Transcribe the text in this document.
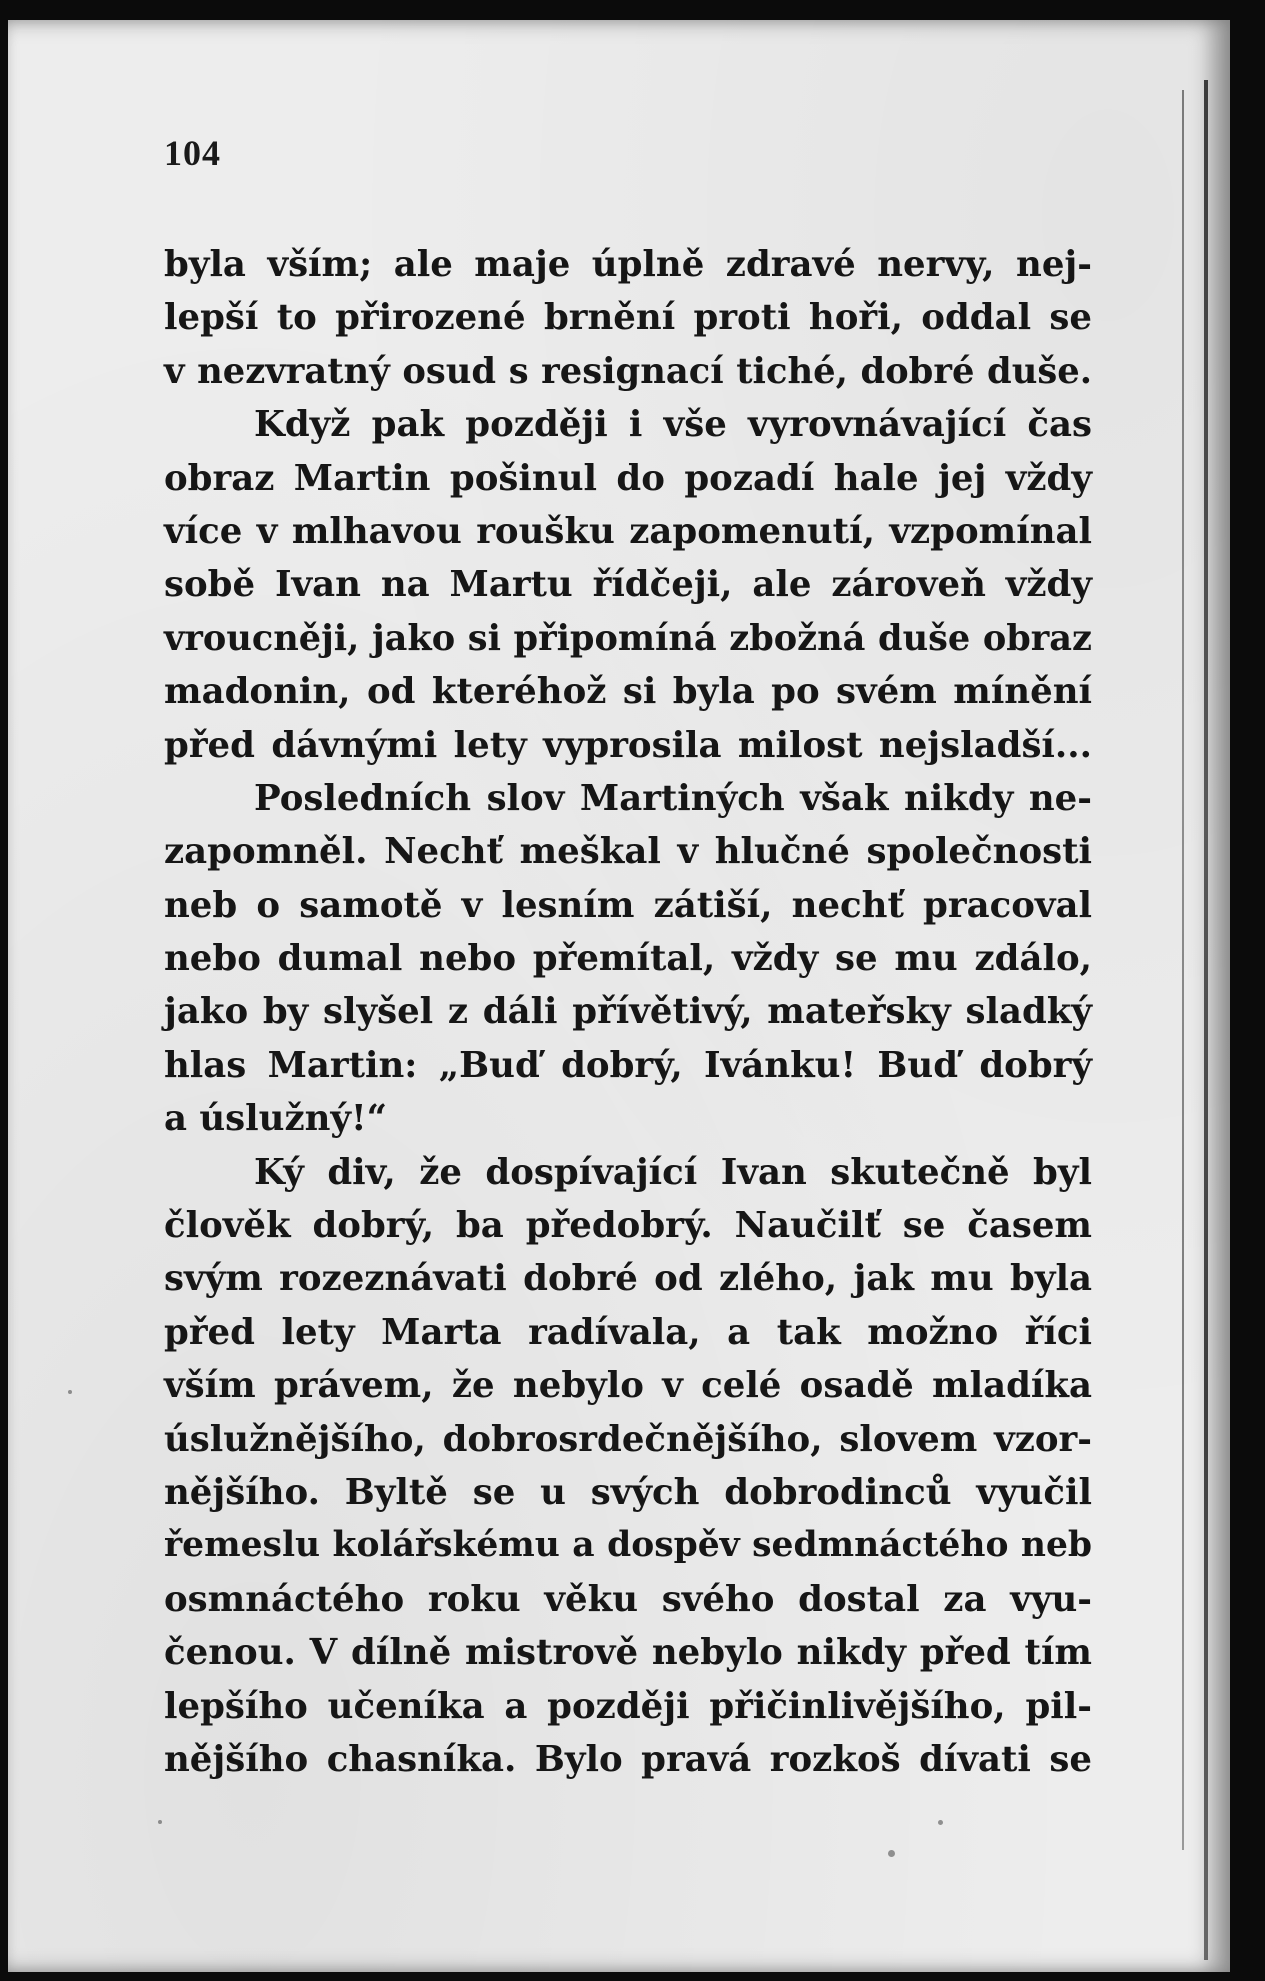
104
byla vším; ale maje úplně zdravé nervy, nej-
lepší to přirozené brnění proti hoři, oddal se
v nezvratný osud s resignací tiché, dobré duše.
Když pak později i vše vyrovnávající čas
obraz Martin pošinul do pozadí hale jej vždy
více v mlhavou roušku zapomenutí, vzpomínal
sobě Ivan na Martu řídčeji, ale zároveň vždy
vroucněji, jako si připomíná zbožná duše obraz
madonin, od kteréhož si byla po svém mínění
před dávnými lety vyprosila milost nejsladší...
Posledních slov Martiných však nikdy ne-
zapomněl. Nechť meškal v hlučné společnosti
neb o samotě v lesním zátiší, nechť pracoval
nebo dumal nebo přemítal, vždy se mu zdálo,
jako by slyšel z dáli přívětivý, mateřsky sladký
hlas Martin: „Buď dobrý, Ivánku! Buď dobrý
a úslužný!“
Ký div, že dospívající Ivan skutečně byl
člověk dobrý, ba předobrý. Naučilť se časem
svým rozeznávati dobré od zlého, jak mu byla
před lety Marta radívala, a tak možno říci
vším právem, že nebylo v celé osadě mladíka
úslužnějšího, dobrosrdečnějšího, slovem vzor-
nějšího. Byltě se u svých dobrodinců vyučil
řemeslu kolářskému a dospěv sedmnáctého neb
osmnáctého roku věku svého dostal za vyu-
čenou. V dílně mistrově nebylo nikdy před tím
lepšího učeníka a později přičinlivějšího, pil-
nějšího chasníka. Bylo pravá rozkoš dívati se
